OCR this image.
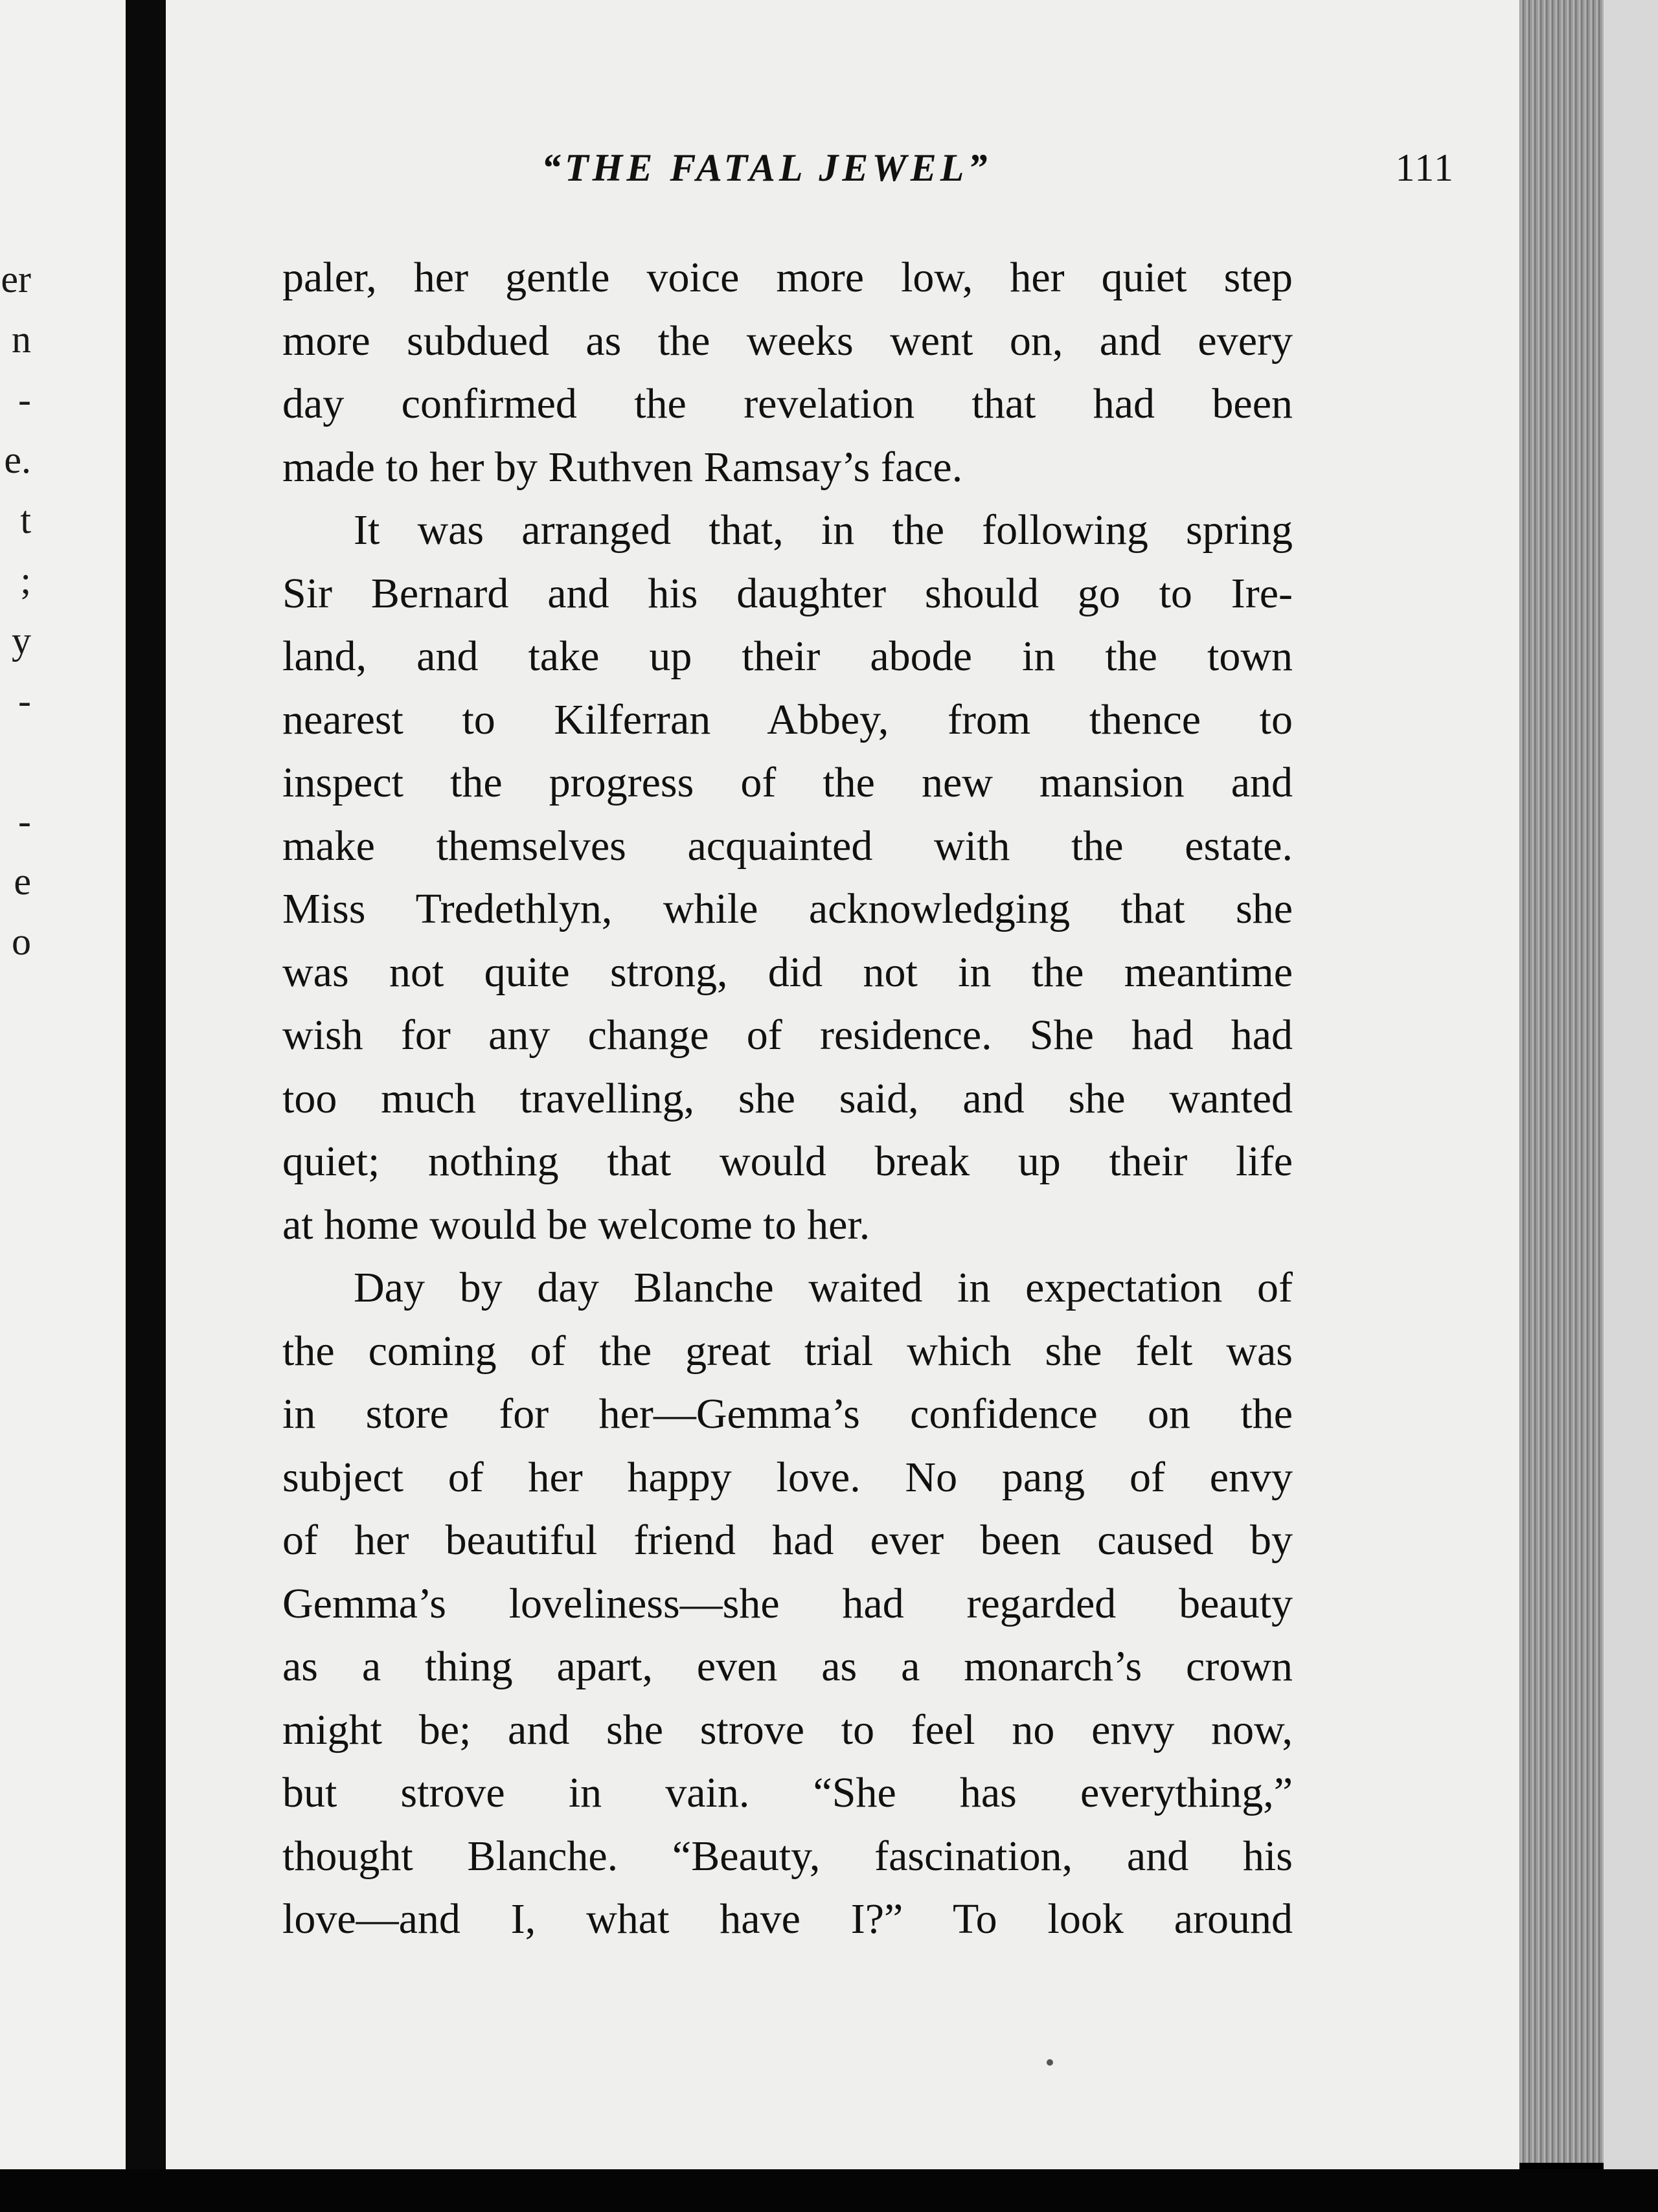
er
n
-
e.
t
;
y
-
-
e
o
“THE FATAL JEWEL”	111
paler, her gentle voice more low, her quiet step
more subdued as the weeks went on, and every
day confirmed the revelation that had been
made to her by Ruthven Ramsay’s face.
It was arranged that, in the following spring
Sir Bernard and his daughter should go to Ire-
land, and take up their abode in the town
nearest to Kilferran Abbey, from thence to
inspect the progress of the new mansion and
make themselves acquainted with the estate.
Miss Tredethlyn, while acknowledging that she
was not quite strong, did not in the meantime
wish for any change of residence. She had had
too much travelling, she said, and she wanted
quiet; nothing that would break up their life
at home would be welcome to her.
Day by day Blanche waited in expectation of
the coming of the great trial which she felt was
in store for her—Gemma’s confidence on the
subject of her happy love. No pang of envy
of her beautiful friend had ever been caused by
Gemma’s loveliness—she had regarded beauty
as a thing apart, even as a monarch’s crown
might be; and she strove to feel no envy now,
but strove in vain. “She has everything,”
thought Blanche. “Beauty, fascination, and his
love—and I, what have I?” To look around
